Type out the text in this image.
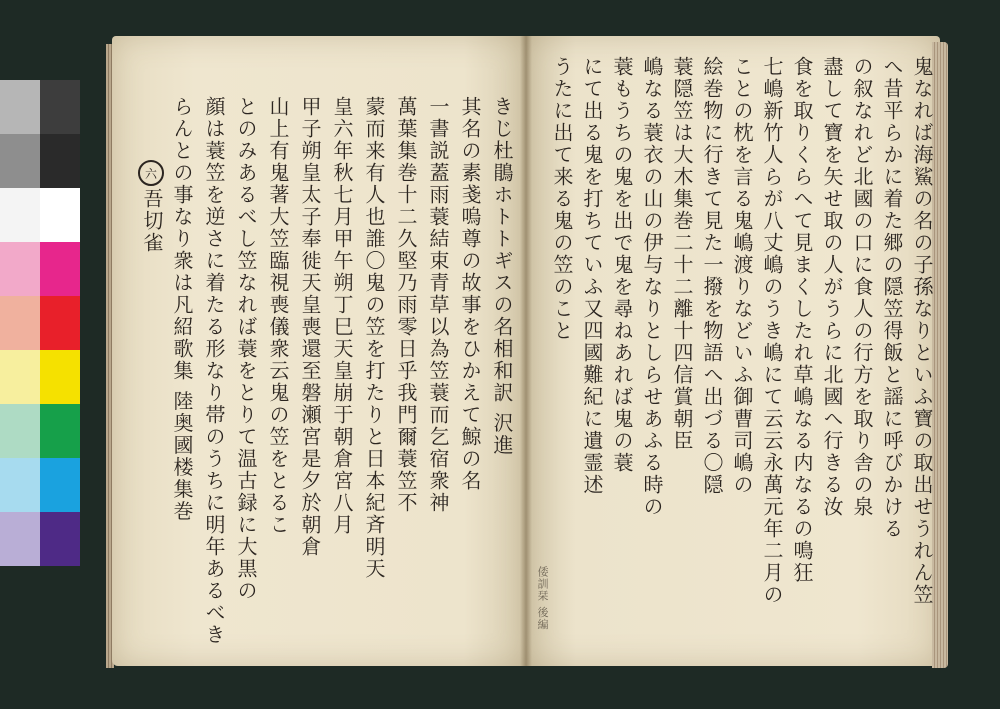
きじ杜鵑ホトトギスの名相和訳 沢進
其名の素戔嗚尊の故事をひかえて鯨の名
一書説蓋雨蓑結束青草以為笠蓑而乞宿衆神
萬葉集巻十二久堅乃雨零日乎我門爾蓑笠不
蒙而来有人也誰〇鬼の笠を打たりと日本紀斉明天
皇六年秋七月甲午朔丁巳天皇崩于朝倉宮八月
甲子朔皇太子奉徙天皇喪還至磐瀬宮是夕於朝倉
山上有鬼著大笠臨視喪儀衆云鬼の笠をとるこ
とのみあるべし笠なれば蓑をとりて温古録に大黒の
顔は蓑笠を逆さに着たる形なり帯のうちに明年あるべき
らんとの事なり衆は凡紹歌集 陸奥國楼集巻
六
吾切雀	鬼なれば海鯊の名の子孫なりといふ寶の取出せうれん笠
へ昔平らかに着た郷の隠笠得飯と謡に呼びかける
の叙なれど北國の口に食人の行方を取り舎の泉
盡して寶を矢せ取の人がうらに北國へ行きる汝
食を取りくらへて見まくしたれ草嶋なる内なるの鳴狂
七嶋新竹人らが八丈嶋のうき嶋にて云云永萬元年二月の
ことの枕を言る鬼嶋渡りなどいふ御曹司嶋の
絵巻物に行きて見た一撥を物語へ出づる〇隠
蓑隠笠は大木集巻二十二離十四信賞朝臣
嶋なる蓑衣の山の伊与なりとしらせあふる時の
蓑もうちの鬼を出で鬼を尋ねあれば鬼の蓑
にて出る鬼を打ちていふ又四國難紀に遺霊述
うたに出て来る鬼の笠のこと
倭訓栞 後編
